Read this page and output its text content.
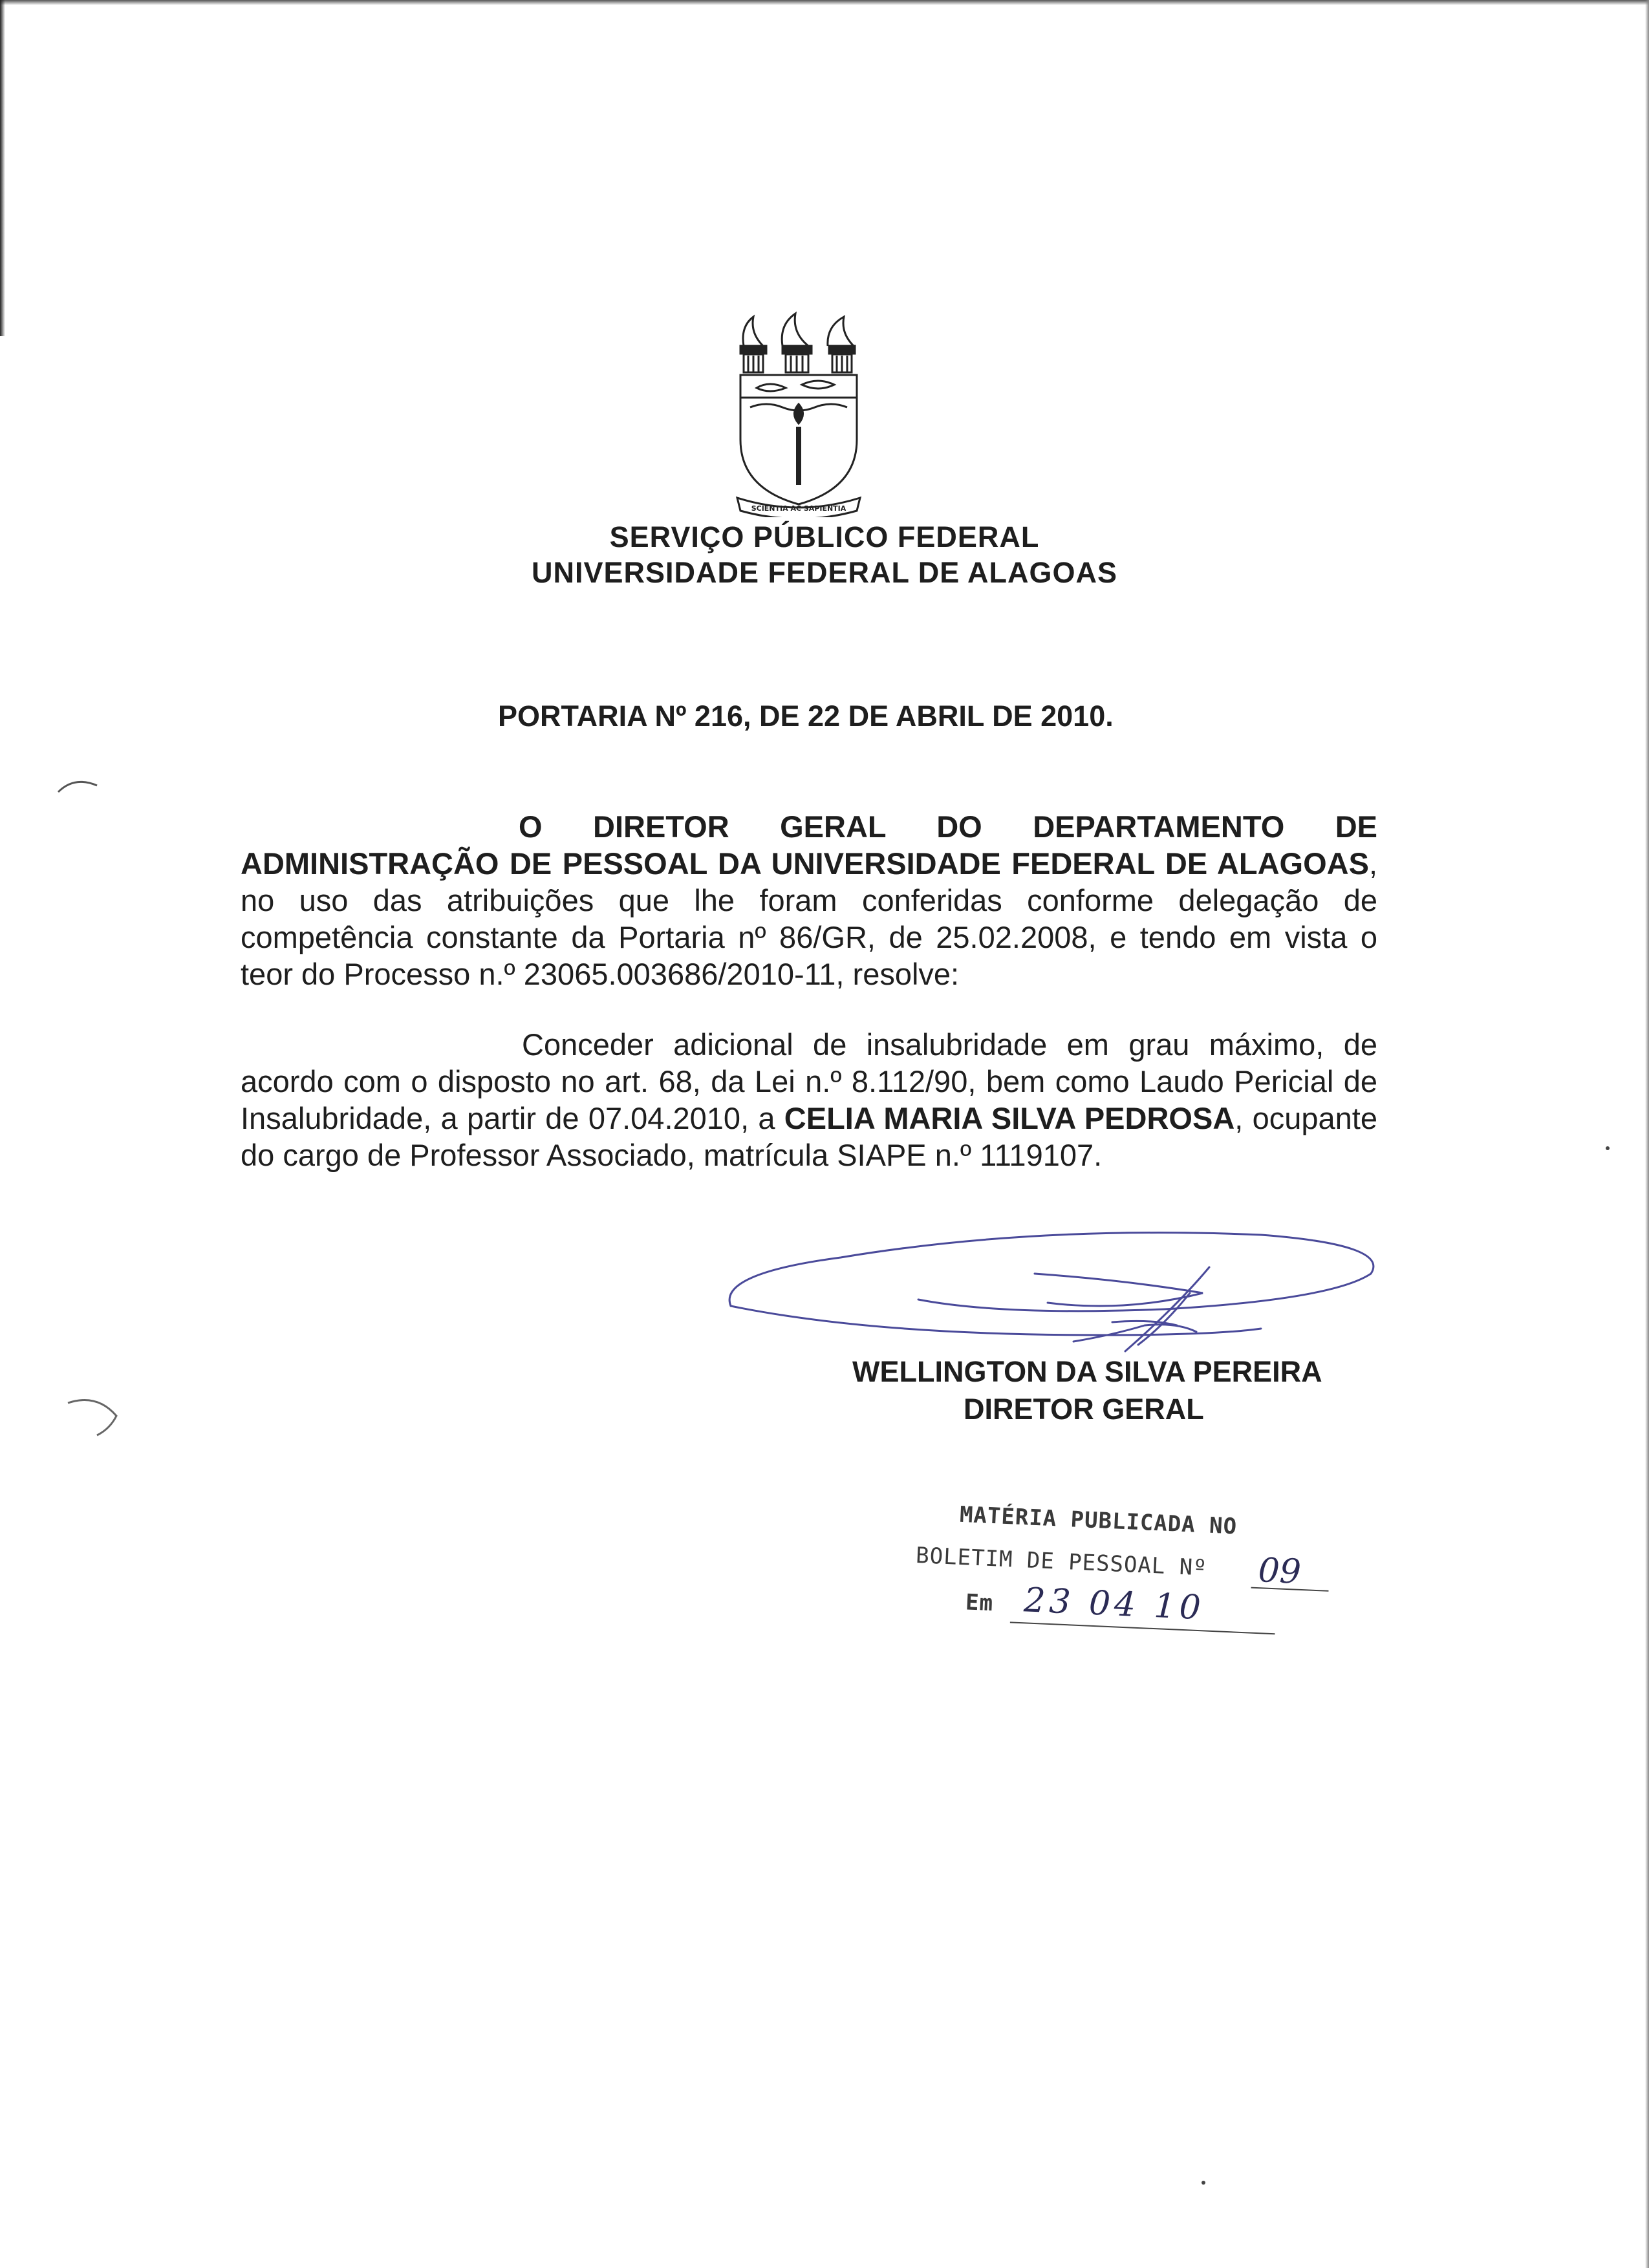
SCIENTIA AC SAPIENTIA
SERVIÇO PÚBLICO FEDERAL
UNIVERSIDADE FEDERAL DE ALAGOAS
PORTARIA Nº 216, DE 22 DE ABRIL DE 2010.
O DIRETOR GERAL DO DEPARTAMENTO DE ADMINISTRAÇÃO DE PESSOAL DA UNIVERSIDADE FEDERAL DE ALAGOAS, no uso das atribuições que lhe foram conferidas conforme delegação de competência constante da Portaria nº 86/GR, de 25.02.2008, e tendo em vista o teor do Processo n.º 23065.003686/2010-11, resolve:
Conceder adicional de insalubridade em grau máximo, de acordo com o disposto no art. 68, da Lei n.º 8.112/90, bem como Laudo Pericial de Insalubridade, a partir de 07.04.2010, a CELIA MARIA SILVA PEDROSA, ocupante do cargo de Professor Associado, matrícula SIAPE n.º 1119107.
WELLINGTON DA SILVA PEREIRA
DIRETOR GERAL
MATÉRIA PUBLICADA NO
BOLETIM DE PESSOAL Nº 09
Em 23 04 10
